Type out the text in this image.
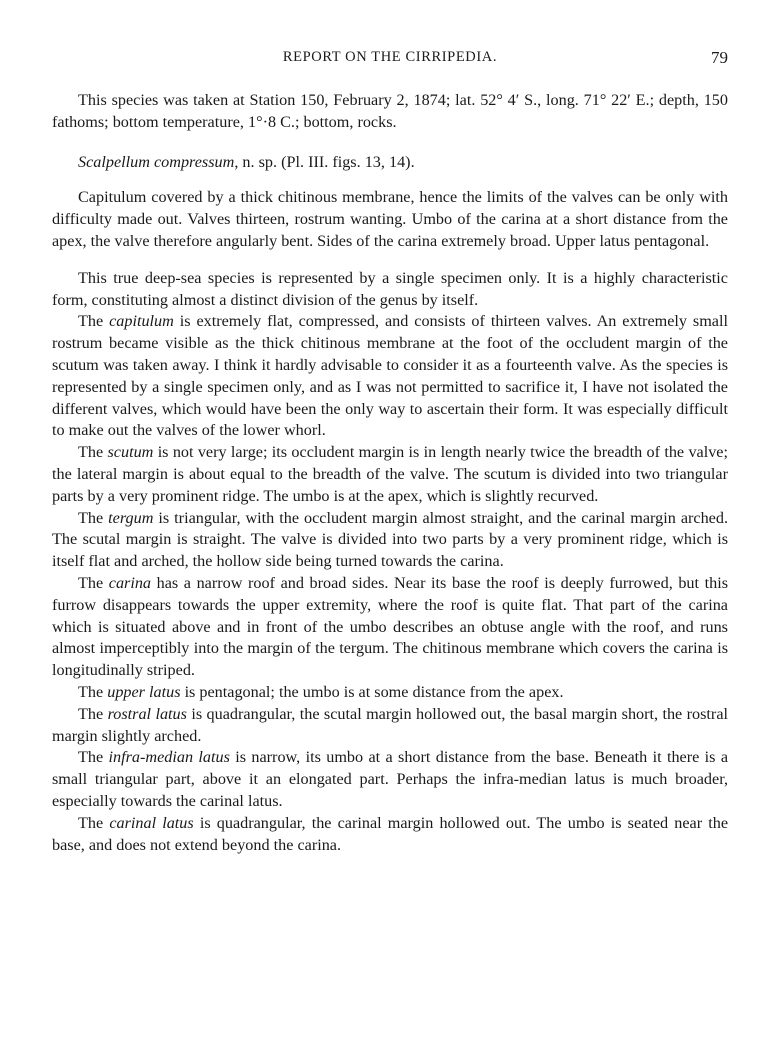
REPORT ON THE CIRRIPEDIA.	79

This species was taken at Station 150, February 2, 1874; lat. 52° 4′ S., long. 71° 22′ E.; depth, 150 fathoms; bottom temperature, 1°·8 C.; bottom, rocks.

Scalpellum compressum, n. sp. (Pl. III. figs. 13, 14).

Capitulum covered by a thick chitinous membrane, hence the limits of the valves can be only with difficulty made out. Valves thirteen, rostrum wanting. Umbo of the carina at a short distance from the apex, the valve therefore angularly bent. Sides of the carina extremely broad. Upper latus pentagonal.

This true deep-sea species is represented by a single specimen only. It is a highly characteristic form, constituting almost a distinct division of the genus by itself.

The capitulum is extremely flat, compressed, and consists of thirteen valves. An extremely small rostrum became visible as the thick chitinous membrane at the foot of the occludent margin of the scutum was taken away. I think it hardly advisable to consider it as a fourteenth valve. As the species is represented by a single specimen only, and as I was not permitted to sacrifice it, I have not isolated the different valves, which would have been the only way to ascertain their form. It was especially difficult to make out the valves of the lower whorl.

The scutum is not very large; its occludent margin is in length nearly twice the breadth of the valve; the lateral margin is about equal to the breadth of the valve. The scutum is divided into two triangular parts by a very prominent ridge. The umbo is at the apex, which is slightly recurved.

The tergum is triangular, with the occludent margin almost straight, and the carinal margin arched. The scutal margin is straight. The valve is divided into two parts by a very prominent ridge, which is itself flat and arched, the hollow side being turned towards the carina.

The carina has a narrow roof and broad sides. Near its base the roof is deeply furrowed, but this furrow disappears towards the upper extremity, where the roof is quite flat. That part of the carina which is situated above and in front of the umbo describes an obtuse angle with the roof, and runs almost imperceptibly into the margin of the tergum. The chitinous membrane which covers the carina is longitudinally striped.

The upper latus is pentagonal; the umbo is at some distance from the apex.

The rostral latus is quadrangular, the scutal margin hollowed out, the basal margin short, the rostral margin slightly arched.

The infra-median latus is narrow, its umbo at a short distance from the base. Beneath it there is a small triangular part, above it an elongated part. Perhaps the infra-median latus is much broader, especially towards the carinal latus.

The carinal latus is quadrangular, the carinal margin hollowed out. The umbo is seated near the base, and does not extend beyond the carina.
